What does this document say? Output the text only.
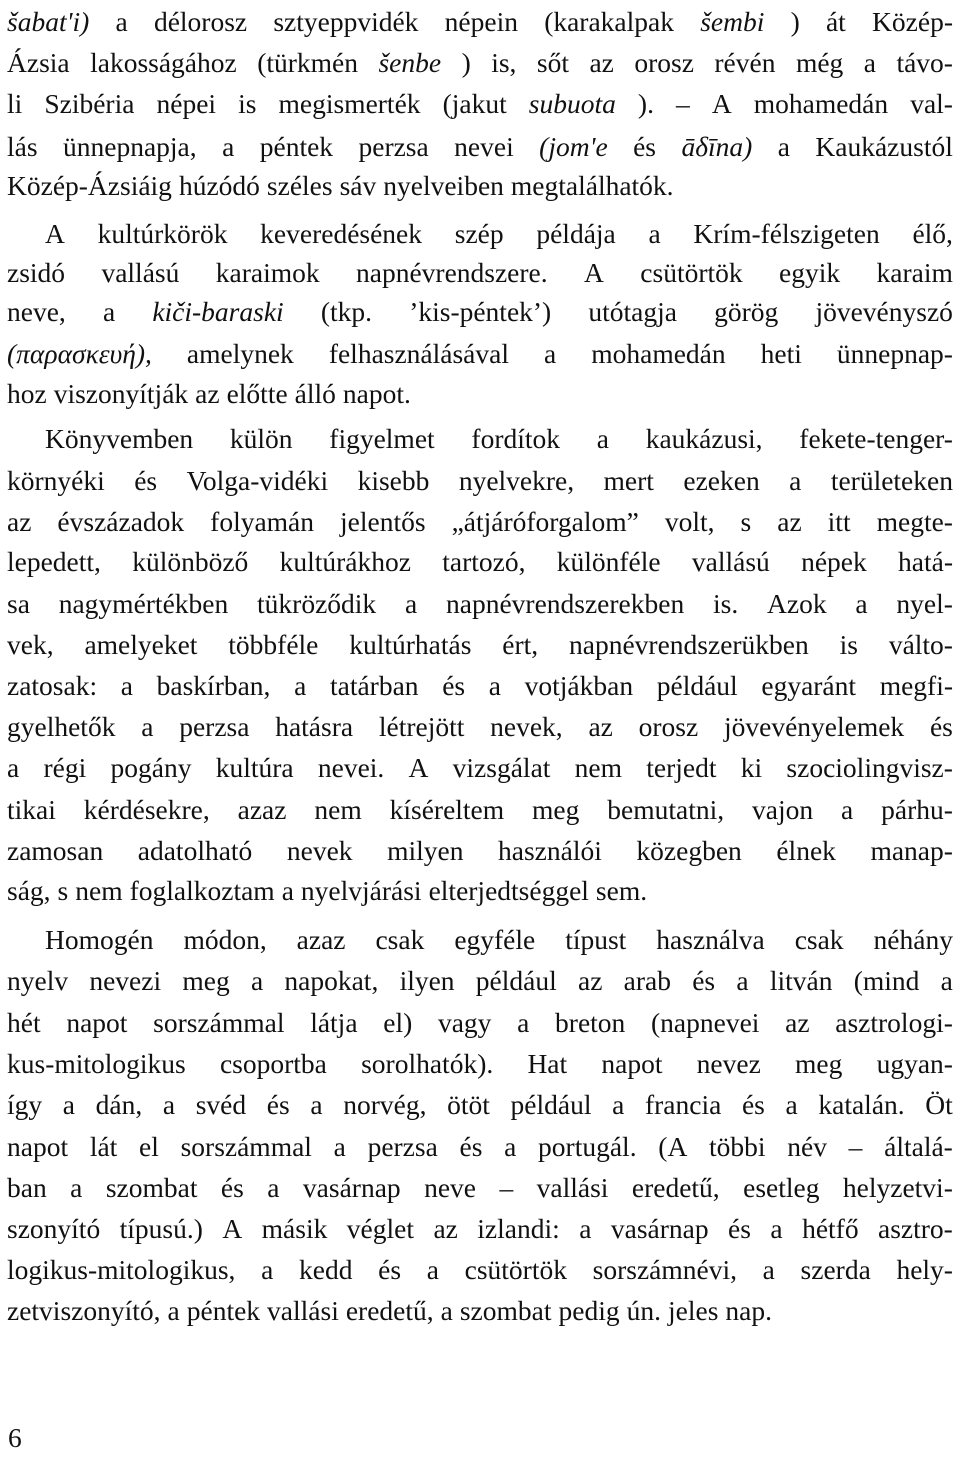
šabat'i) a délorosz sztyeppvidék népein (karakalpak šembi ) át Közép-
Ázsia lakosságához (türkmén šenbe ) is, sőt az orosz révén még a távo-
li Szibéria népei is megismerték (jakut subuota ). – A mohamedán val-
lás ünnepnapja, a péntek perzsa nevei (jom'e és āδīna) a Kaukázustól
Közép-Ázsiáig húzódó széles sáv nyelveiben megtalálhatók.
A kultúrkörök keveredésének szép példája a Krím-félszigeten élő,
zsidó vallású karaimok napnévrendszere. A csütörtök egyik karaim
neve, a kiči-baraski (tkp. ’kis-péntek’) utótagja görög jövevényszó
(παρασκευή), amelynek felhasználásával a mohamedán heti ünnepnap-
hoz viszonyítják az előtte álló napot.
Könyvemben külön figyelmet fordítok a kaukázusi, fekete-tenger-
környéki és Volga-vidéki kisebb nyelvekre, mert ezeken a területeken
az évszázadok folyamán jelentős „átjáróforgalom” volt, s az itt megte-
lepedett, különböző kultúrákhoz tartozó, különféle vallású népek hatá-
sa nagymértékben tükröződik a napnévrendszerekben is. Azok a nyel-
vek, amelyeket többféle kultúrhatás ért, napnévrendszerükben is válto-
zatosak: a baskírban, a tatárban és a votjákban például egyaránt megfi-
gyelhetők a perzsa hatásra létrejött nevek, az orosz jövevényelemek és
a régi pogány kultúra nevei. A vizsgálat nem terjedt ki szociolingvisz-
tikai kérdésekre, azaz nem kíséreltem meg bemutatni, vajon a párhu-
zamosan adatolható nevek milyen használói közegben élnek manap-
ság, s nem foglalkoztam a nyelvjárási elterjedtséggel sem.
Homogén módon, azaz csak egyféle típust használva csak néhány
nyelv nevezi meg a napokat, ilyen például az arab és a litván (mind a
hét napot sorszámmal látja el) vagy a breton (napnevei az asztrologi-
kus-mitologikus csoportba sorolhatók). Hat napot nevez meg ugyan-
így a dán, a svéd és a norvég, ötöt például a francia és a katalán. Öt
napot lát el sorszámmal a perzsa és a portugál. (A többi név – általá-
ban a szombat és a vasárnap neve – vallási eredetű, esetleg helyzetvi-
szonyító típusú.) A másik véglet az izlandi: a vasárnap és a hétfő asztro-
logikus-mitologikus, a kedd és a csütörtök sorszámnévi, a szerda hely-
zetviszonyító, a péntek vallási eredetű, a szombat pedig ún. jeles nap.
6
